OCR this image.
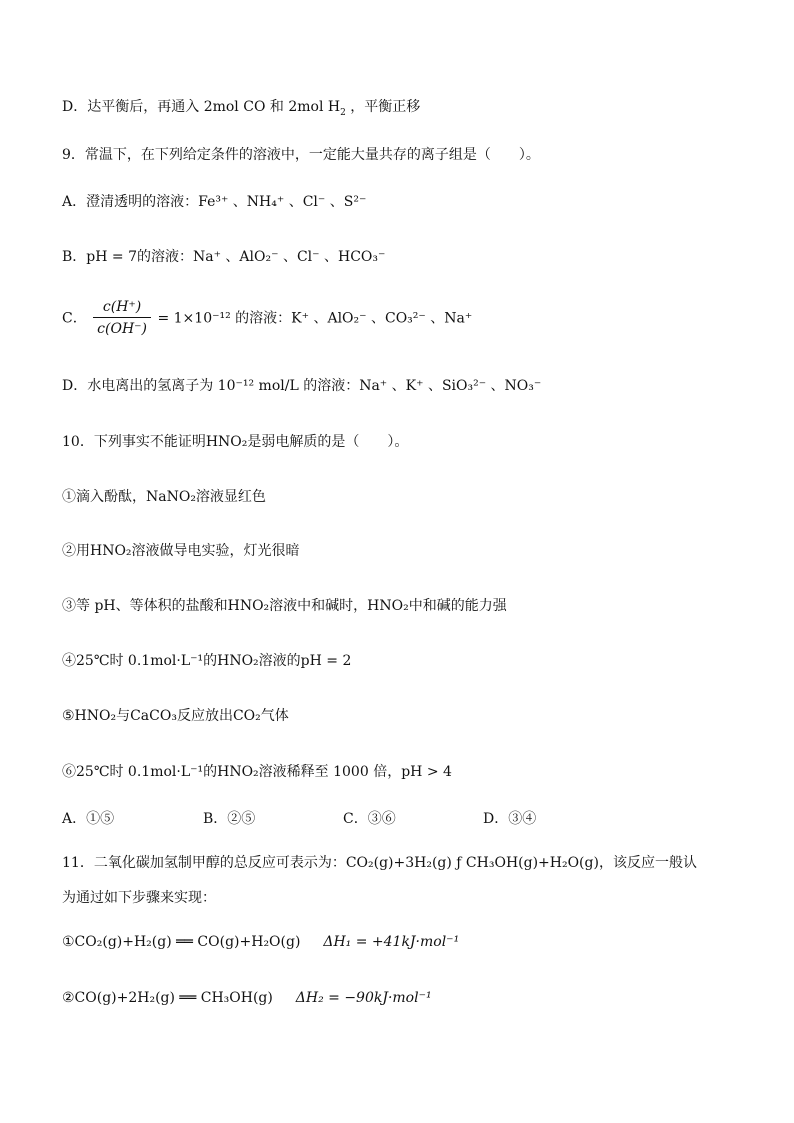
D．达平衡后，再通入 2mol CO 和 2mol $H_2$ ，平衡正移
9．常温下，在下列给定条件的溶液中，一定能大量共存的离子组是（　　）。
A．澄清透明的溶液：Fe³⁺ 、NH₄⁺ 、Cl⁻ 、S²⁻
B．pH = 7的溶液：Na⁺ 、AlO₂⁻ 、Cl⁻ 、HCO₃⁻
C． $\frac{c(H^+)}{c(OH^-)} = 1\times 10^{-12}$ 的溶液：K⁺ 、AlO₂⁻ 、CO₃²⁻ 、Na⁺
D．水电离出的氢离子为 10⁻¹² mol/L 的溶液：Na⁺ 、K⁺ 、SiO₃²⁻ 、NO₃⁻
10．下列事实不能证明HNO₂是弱电解质的是（　　）。
①滴入酚酞，NaNO₂溶液显红色
②用HNO₂溶液做导电实验，灯光很暗
③等 pH、等体积的盐酸和HNO₂溶液中和碱时，HNO₂中和碱的能力强
④25℃时 0.1mol·L⁻¹的HNO₂溶液的pH = 2
⑤HNO₂与CaCO₃反应放出CO₂气体
⑥25℃时 0.1mol·L⁻¹的HNO₂溶液稀释至 1000 倍，pH > 4
A．①⑤	B．②⑤	C．③⑥	D．③④
11．二氧化碳加氢制甲醇的总反应可表示为：CO₂(g)+3H₂(g) ƒ CH₃OH(g)+H₂O(g)，该反应一般认
为通过如下步骤来实现：
①CO₂(g)+H₂(g) ══ CO(g)+H₂O(g) ΔH₁ = +41kJ·mol⁻¹
②CO(g)+2H₂(g) ══ CH₃OH(g) ΔH₂ = −90kJ·mol⁻¹
